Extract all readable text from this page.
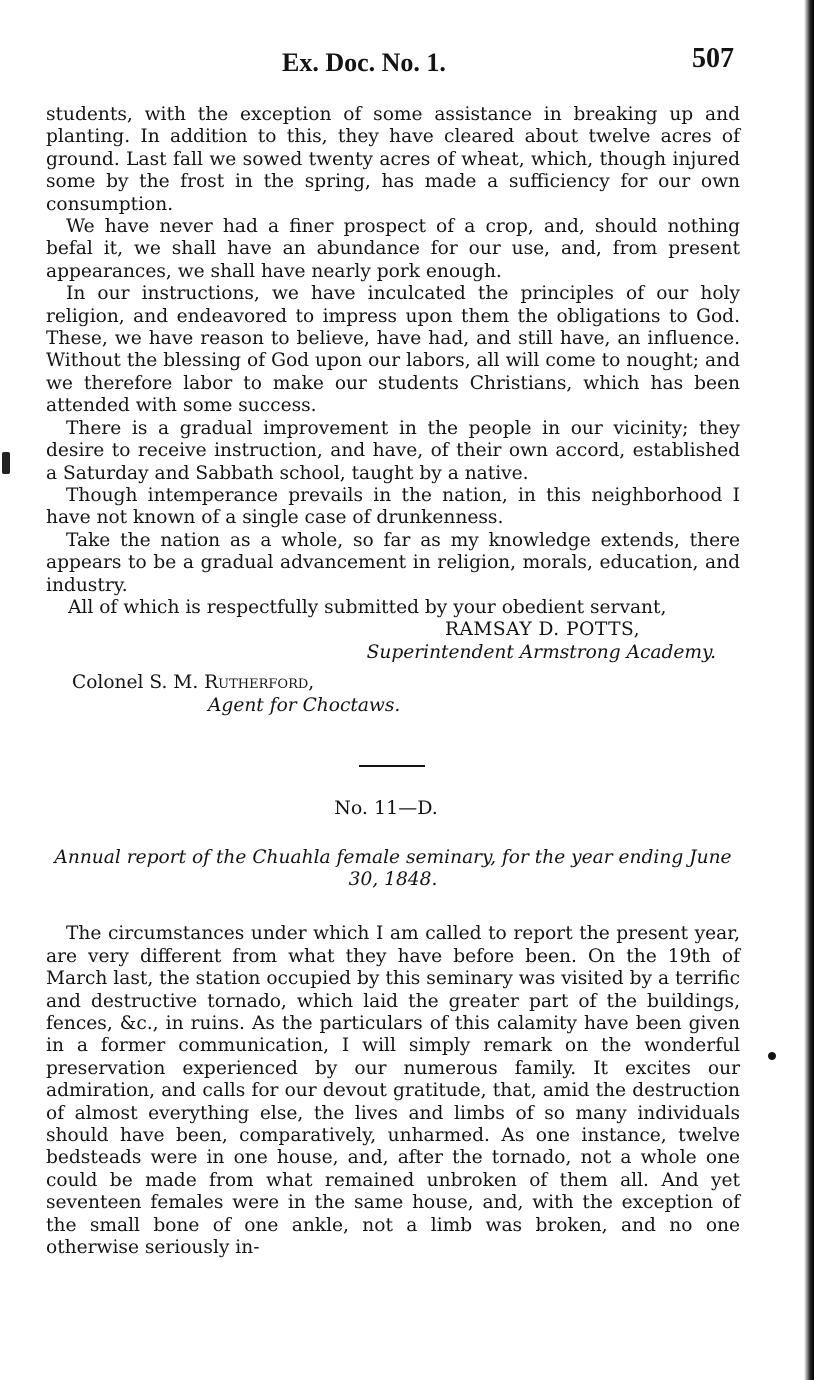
Ex. Doc. No. 1.	507

students, with the exception of some assistance in breaking up and planting. In addition to this, they have cleared about twelve acres of ground. Last fall we sowed twenty acres of wheat, which, though injured some by the frost in the spring, has made a sufficiency for our own consumption.

We have never had a finer prospect of a crop, and, should nothing befal it, we shall have an abundance for our use, and, from present appearances, we shall have nearly pork enough.

In our instructions, we have inculcated the principles of our holy religion, and endeavored to impress upon them the obligations to God. These, we have reason to believe, have had, and still have, an influence. Without the blessing of God upon our labors, all will come to nought; and we therefore labor to make our students Christians, which has been attended with some success.

There is a gradual improvement in the people in our vicinity; they desire to receive instruction, and have, of their own accord, established a Saturday and Sabbath school, taught by a native.

Though intemperance prevails in the nation, in this neighborhood I have not known of a single case of drunkenness.

Take the nation as a whole, so far as my knowledge extends, there appears to be a gradual advancement in religion, morals, education, and industry.

All of which is respectfully submitted by your obedient servant,

RAMSAY D. POTTS,

Superintendent Armstrong Academy.

Colonel S. M. Rutherford,

Agent for Choctaws.

No. 11—D.

Annual report of the Chuahla female seminary, for the year ending June 30, 1848.

The circumstances under which I am called to report the present year, are very different from what they have before been. On the 19th of March last, the station occupied by this seminary was visited by a terrific and destructive tornado, which laid the greater part of the buildings, fences, &c., in ruins. As the particulars of this calamity have been given in a former communication, I will simply remark on the wonderful preservation experienced by our numerous family. It excites our admiration, and calls for our devout gratitude, that, amid the destruction of almost everything else, the lives and limbs of so many individuals should have been, comparatively, unharmed. As one instance, twelve bedsteads were in one house, and, after the tornado, not a whole one could be made from what remained unbroken of them all. And yet seventeen females were in the same house, and, with the exception of the small bone of one ankle, not a limb was broken, and no one otherwise seriously in-
